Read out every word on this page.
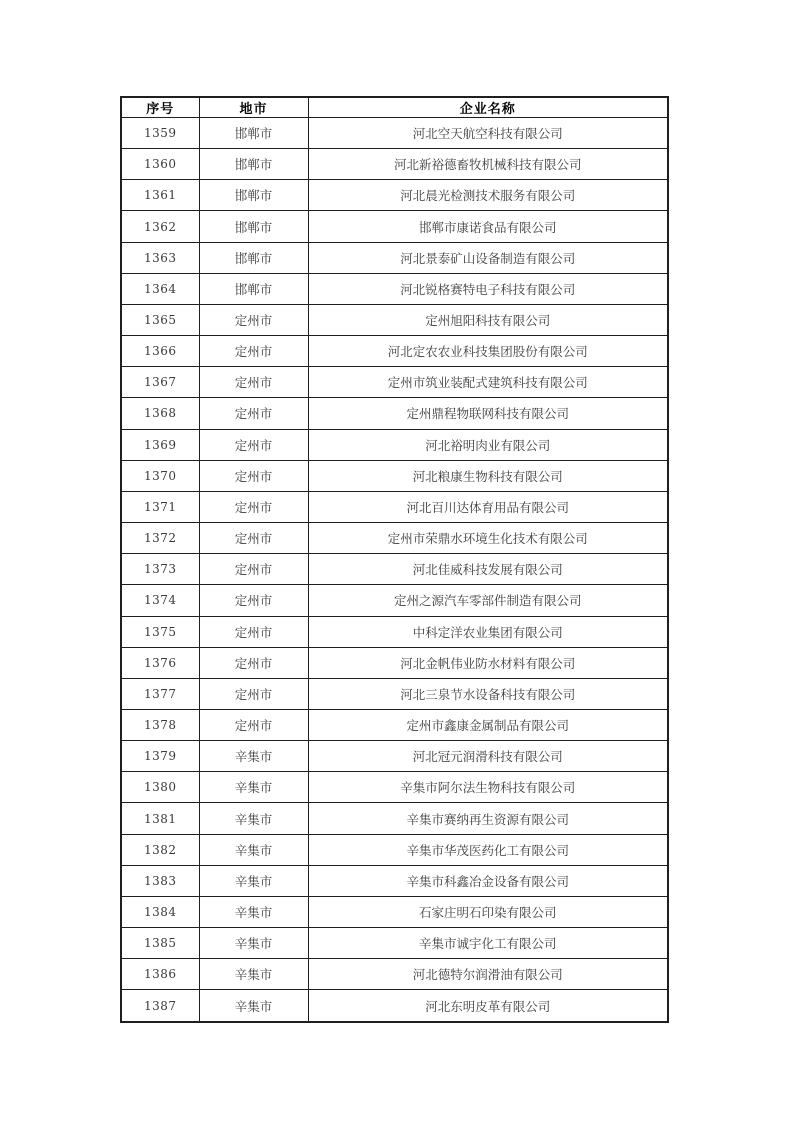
序号	地市	企业名称
1359	邯郸市	河北空天航空科技有限公司
1360	邯郸市	河北新裕德畜牧机械科技有限公司
1361	邯郸市	河北晨光检测技术服务有限公司
1362	邯郸市	邯郸市康诺食品有限公司
1363	邯郸市	河北景泰矿山设备制造有限公司
1364	邯郸市	河北锐格赛特电子科技有限公司
1365	定州市	定州旭阳科技有限公司
1366	定州市	河北定农农业科技集团股份有限公司
1367	定州市	定州市筑业装配式建筑科技有限公司
1368	定州市	定州鼎程物联网科技有限公司
1369	定州市	河北裕明肉业有限公司
1370	定州市	河北粮康生物科技有限公司
1371	定州市	河北百川达体育用品有限公司
1372	定州市	定州市荣鼎水环境生化技术有限公司
1373	定州市	河北佳威科技发展有限公司
1374	定州市	定州之源汽车零部件制造有限公司
1375	定州市	中科定洋农业集团有限公司
1376	定州市	河北金帆伟业防水材料有限公司
1377	定州市	河北三泉节水设备科技有限公司
1378	定州市	定州市鑫康金属制品有限公司
1379	辛集市	河北冠元润滑科技有限公司
1380	辛集市	辛集市阿尔法生物科技有限公司
1381	辛集市	辛集市赛纳再生资源有限公司
1382	辛集市	辛集市华茂医药化工有限公司
1383	辛集市	辛集市科鑫冶金设备有限公司
1384	辛集市	石家庄明石印染有限公司
1385	辛集市	辛集市诚宇化工有限公司
1386	辛集市	河北德特尔润滑油有限公司
1387	辛集市	河北东明皮革有限公司
